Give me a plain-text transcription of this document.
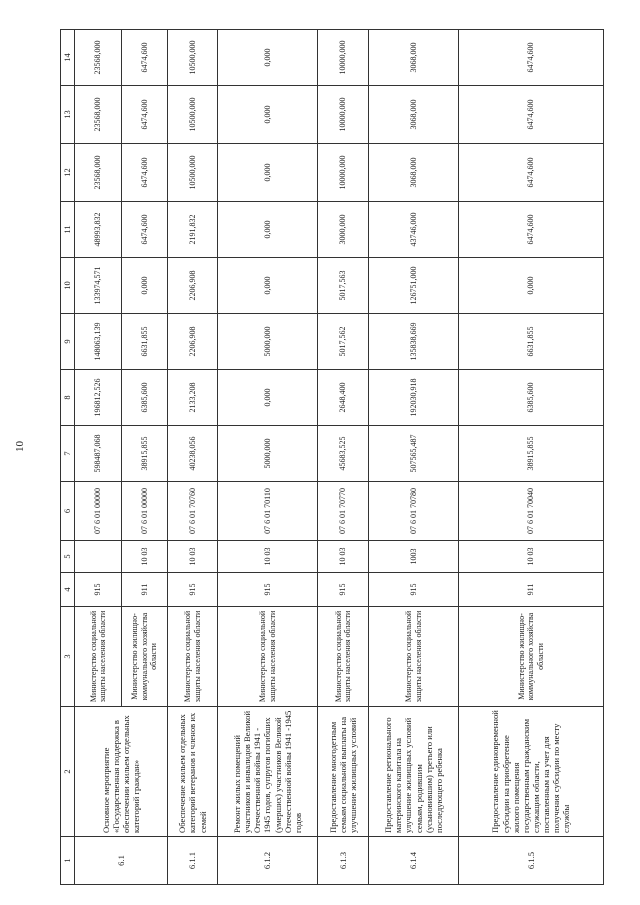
10
1	2	3	4	5	6	7	8	9	10	11	12	13	14
6.1	Основное мероприятие «Государственная поддержка в обеспечении жильем отдельных категорий граждан»	Министерство социальной защиты населения области	915		07 6 01 00000	598487,068	196812,526	148063,139	133974,571	48993,832	23568,000	23568,000	23568,000
		Министерство жилищно-коммунального хозяйства области	911	10 03	07 6 01 00000	38915,855	6385,600	6631,855	0,000	6474,600	6474,600	6474,600	6474,600
6.1.1	Обеспечение жильем отдельных категорий ветеранов и членов их семей	Министерство социальной защиты населения области	915	10 03	07 6 01 70760	40238,056	2133,208	2206,908	2206,908	2191,832	10500,000	10500,000	10500,000
6.1.2	Ремонт жилых помещений участников и инвалидов Великой Отечественной войны 1941 - 1945 годов, супругов погибших (умерших) участников Великой Отечественной войны 1941 -1945 годов	Министерство социальной защиты населения области	915	10 03	07 6 01 70110	5000,000	0,000	5000,000	0,000	0,000	0,000	0,000	0,000
6.1.3	Предоставление многодетным семьям социальной выплаты на улучшение жилищных условий	Министерство социальной защиты населения области	915	10 03	07 6 01 70770	45683,525	2648,400	5017,562	5017,563	3000,000	10000,000	10000,000	10000,000
6.1.4	Предоставление регионального материнского капитала на улучшение жилищных условий семьям, родившим (усыновившим) третьего или последующего ребенка	Министерство социальной защиты населения области	915	1003	07 6 01 70780	507565,487	192030,918	135838,669	126751,000	43746,000	3068,000	3068,000	3068,000
6.1.5	Предоставление единовременной субсидии на приобретение жилого помещения государственным гражданским служащим области, поставленным на учет для получения субсидии по месту службы	Министерство жилищно-коммунального хозяйства области	911	10 03	07 6 01 70040	38915,855	6385,600	6631,855	0,000	6474,600	6474,600	6474,600	6474,600
